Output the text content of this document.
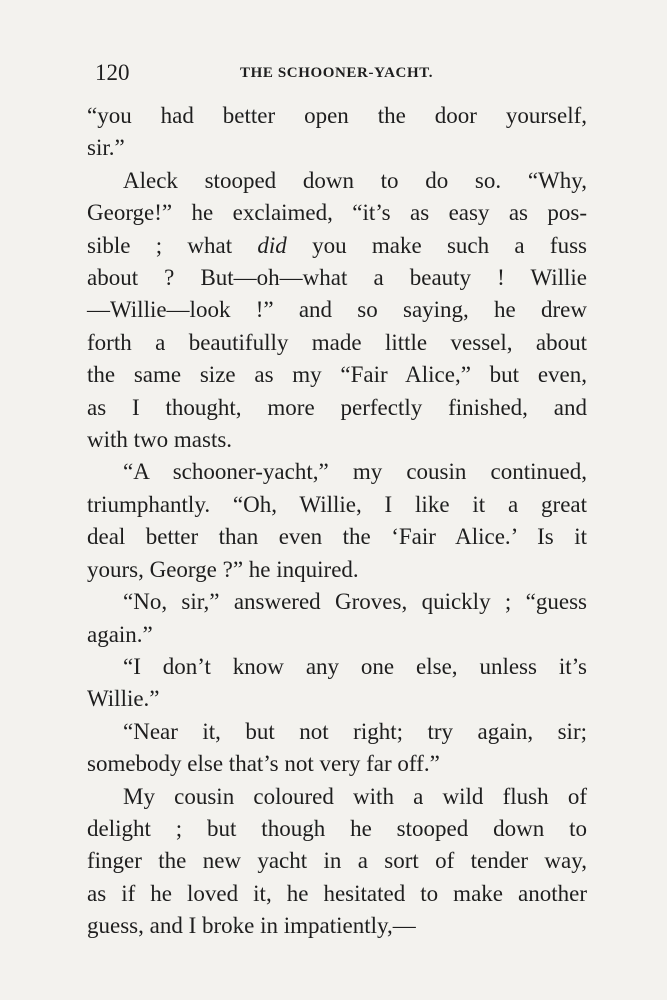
120	THE SCHOONER-YACHT.
“you had better open the door yourself,
sir.”
Aleck stooped down to do so. “Why,
George!” he exclaimed, “it’s as easy as pos-
sible ; what did you make such a fuss
about ? But—oh—what a beauty ! Willie
—Willie—look !” and so saying, he drew
forth a beautifully made little vessel, about
the same size as my “Fair Alice,” but even,
as I thought, more perfectly finished, and
with two masts.
“A schooner-yacht,” my cousin continued,
triumphantly. “Oh, Willie, I like it a great
deal better than even the ‘Fair Alice.’ Is it
yours, George ?” he inquired.
“No, sir,” answered Groves, quickly ; “guess
again.”
“I don’t know any one else, unless it’s
Willie.”
“Near it, but not right; try again, sir;
somebody else that’s not very far off.”
My cousin coloured with a wild flush of
delight ; but though he stooped down to
finger the new yacht in a sort of tender way,
as if he loved it, he hesitated to make another
guess, and I broke in impatiently,—
